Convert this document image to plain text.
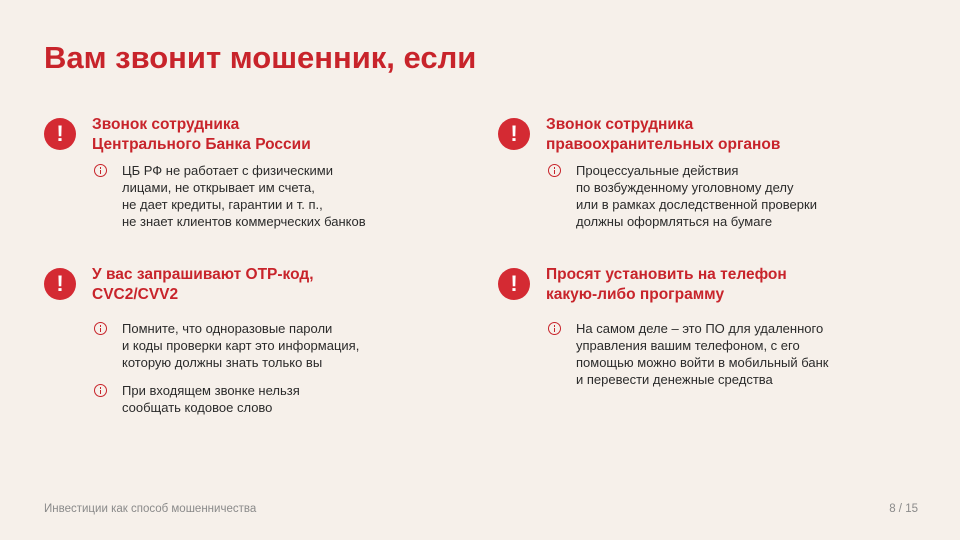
Вам звонит мошенник, если
!	Звонок сотрудника
Центрального Банка России
ЦБ РФ не работает с физическими
лицами, не открывает им счета,
не дает кредиты, гарантии и т. п.,
не знает клиентов коммерческих банков
!	Звонок сотрудника
правоохранительных органов
Процессуальные действия
по возбужденному уголовному делу
или в рамках доследственной проверки
должны оформляться на бумаге
!	У вас запрашивают OTP-код,
CVC2/CVV2
Помните, что одноразовые пароли
и коды проверки карт это информация,
которую должны знать только вы
При входящем звонке нельзя
сообщать кодовое слово
!	Просят установить на телефон
какую-либо программу
На самом деле – это ПО для удаленного
управления вашим телефоном, с его
помощью можно войти в мобильный банк
и перевести денежные средства
Инвестиции как способ мошенничества	8 / 15
